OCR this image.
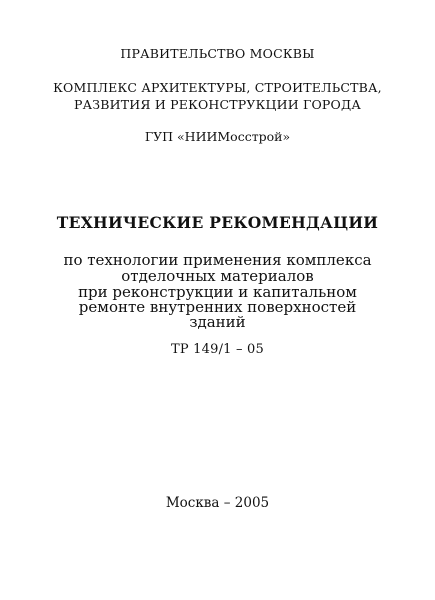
ПРАВИТЕЛЬСТВО МОСКВЫ
КОМПЛЕКС АРХИТЕКТУРЫ, СТРОИТЕЛЬСТВА,
РАЗВИТИЯ И РЕКОНСТРУКЦИИ ГОРОДА
ГУП «НИИМосстрой»
ТЕХНИЧЕСКИЕ РЕКОМЕНДАЦИИ
по технологии применения комплекса
отделочных материалов
при реконструкции и капитальном
ремонте внутренних поверхностей
зданий
ТР 149/1 – 05
Москва – 2005
